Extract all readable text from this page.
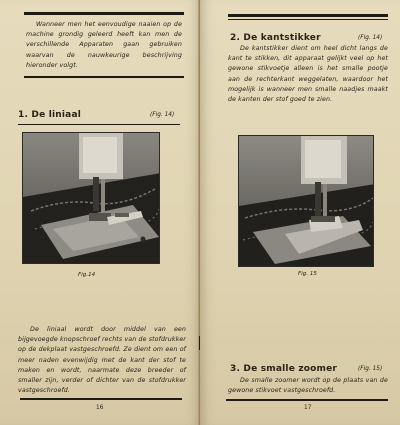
Wanneer men het eenvoudige naaien op de machine grondig geleerd heeft kan men de verschillende Apparaten gaan gebruiken waarvan de nauwkeurige beschrijving hieronder volgt.
1. De liniaal	(Fig. 14)
Fig.14
De liniaal wordt door middel van een bijgevoegde knopschroef rechts van de stofdrukker op de dekplaat vastgeschroefd. Ze dient om een of meer naden evenwijdig met de kant der stof te maken en wordt, naarmate deze breeder of smaller zijn, verder of dichter van de stofdrukker vastgeschroefd.
16
2. De kantstikker	(Fig. 14)
De kantstikker dient om heel dicht langs de kant te stikken, dit apparaat gelijkt veel op het gewone stikvoetje alleen is het smalle pootje aan de rechterkant weggelaten, waardoor het mogelijk is wanneer men smalle naadjes maakt de kanten der stof goed te zien.
Fig. 15
3. De smalle zoomer	(Fig. 15)
De smalle zoomer wordt op de plaats van de gewone stikvoet vastgeschroefd.
17
